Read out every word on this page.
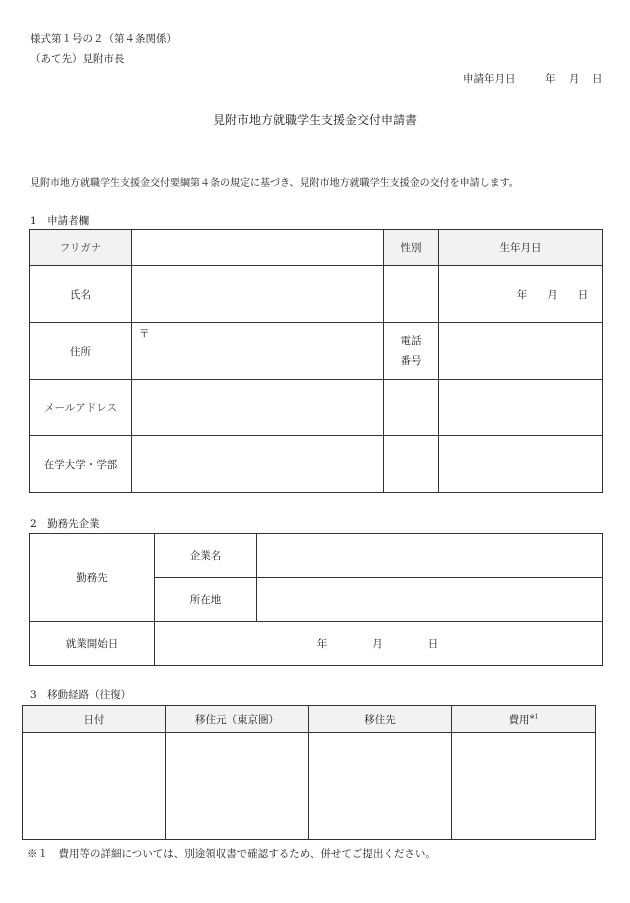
様式第１号の２（第４条関係）
（あて先）見附市長
申請年月日	年 月 日
見附市地方就職学生支援金交付申請書
見附市地方就職学生支援金交付要綱第４条の規定に基づき、見附市地方就職学生支援金の交付を申請します。
1　申請者欄
フリガナ		性別	生年月日
氏名			年 月 日
住所	〒	電話
番号	
メールアドレス			
在学大学・学部			
2　勤務先企業
勤務先	企業名	
	所在地	
就業開始日	年 月 日	
3　移動経路（往復）
日付	移住元（東京圏）	移住先	費用$^{※1}$

※１　費用等の詳細については、別途領収書で確認するため、併せてご提出ください。
